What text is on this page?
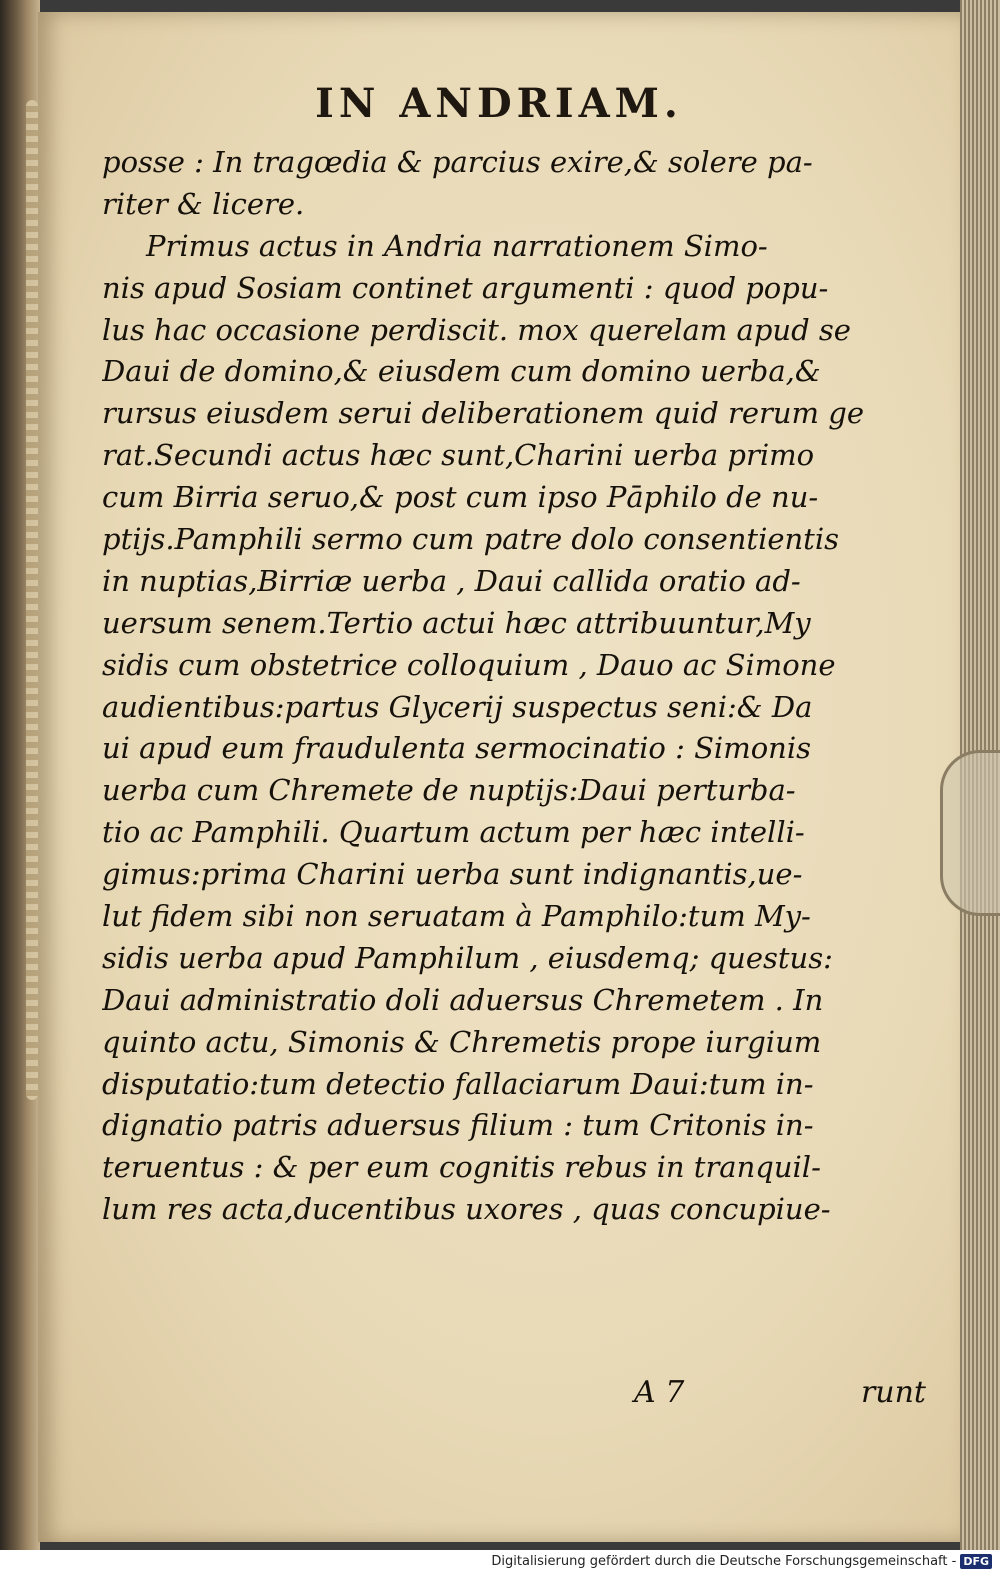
IN ANDRIAM.
posse : In tragœdia & parcius exire,& solere pa-
riter & licere.
Primus actus in Andria narrationem Simo-
nis apud Sosiam continet argumenti : quod popu-
lus hac occasione perdiscit. mox querelam apud se
Daui de domino,& eiusdem cum domino uerba,&
rursus eiusdem serui deliberationem quid rerum ge
rat.Secundi actus hæc sunt,Charini uerba primo
cum Birria seruo,& post cum ipso Pāphilo de nu-
ptijs.Pamphili sermo cum patre dolo consentientis
in nuptias,Birriæ uerba , Daui callida oratio ad-
uersum senem.Tertio actui hæc attribuuntur,My
sidis cum obstetrice colloquium , Dauo ac Simone
audientibus:partus Glycerij suspectus seni:& Da
ui apud eum fraudulenta sermocinatio : Simonis
uerba cum Chremete de nuptijs:Daui perturba-
tio ac Pamphili. Quartum actum per hæc intelli-
gimus:prima Charini uerba sunt indignantis,ue-
lut fidem sibi non seruatam à Pamphilo:tum My-
sidis uerba apud Pamphilum , eiusdemq; questus:
Daui administratio doli aduersus Chremetem . In
quinto actu, Simonis & Chremetis prope iurgium
disputatio:tum detectio fallaciarum Daui:tum in-
dignatio patris aduersus filium : tum Critonis in-
teruentus : & per eum cognitis rebus in tranquil-
lum res acta,ducentibus uxores , quas concupiue-
A 7	runt
Digitalisierung gefördert durch die Deutsche Forschungsgemeinschaft - DFG
